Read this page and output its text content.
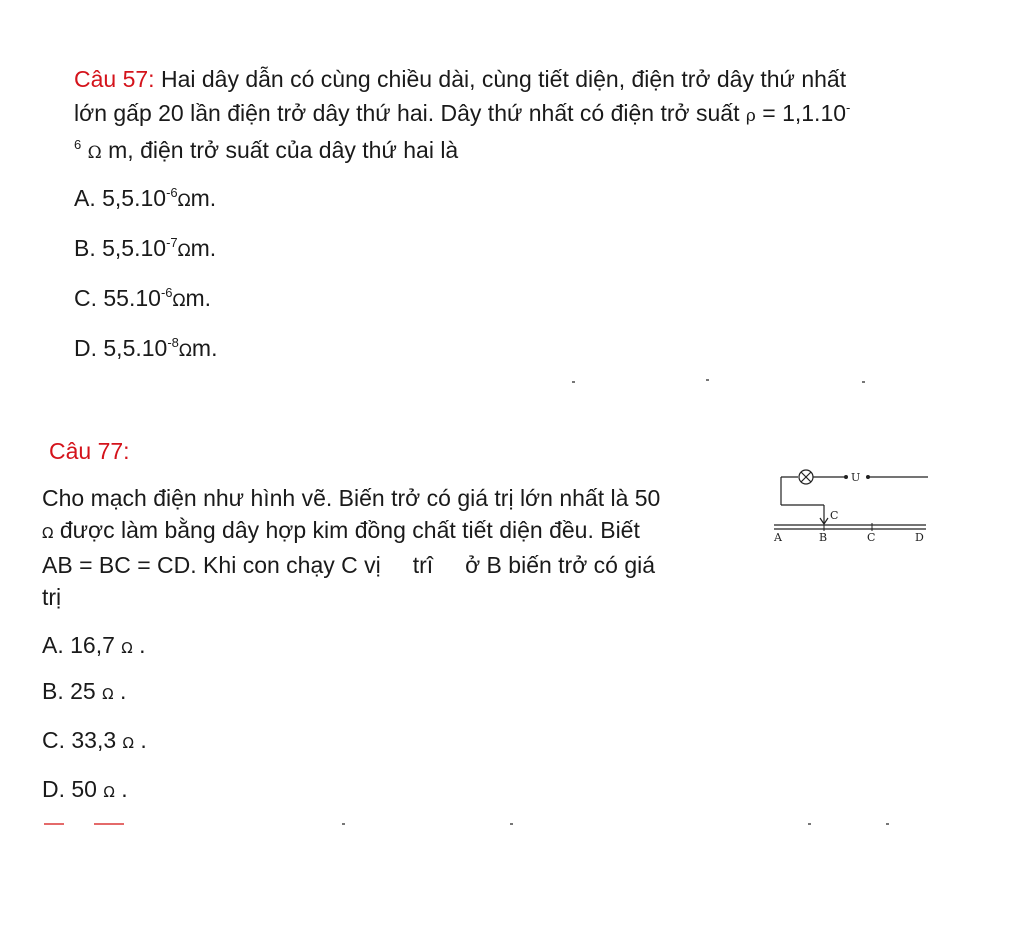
Câu 57: Hai dây dẫn có cùng chiều dài, cùng tiết diện, điện trở dây thứ nhất
lớn gấp 20 lần điện trở dây thứ hai. Dây thứ nhất có điện trở suất ρ = 1,1.10-
$^6$ Ω m, điện trở suất của dây thứ hai là
A. $5,5.10^{-6}\Omega m$.
B. $5,5.10^{-7}\Omega m$.
C. $55.10^{-6}\Omega m$.
D. $5,5.10^{-8}\Omega m$.
Câu 77:
Cho mạch điện như hình vẽ. Biến trở có giá trị lớn nhất là 50
Ω được làm bằng dây hợp kim đồng chất tiết diện đều. Biết
AB = BC = CD. Khi con chạy C vị     trî     ở B biến trở có giá
trị
U
C
A	B	C	D
A. 16,7 Ω .
B. 25 Ω .
C. 33,3 Ω .
D. 50 Ω .
